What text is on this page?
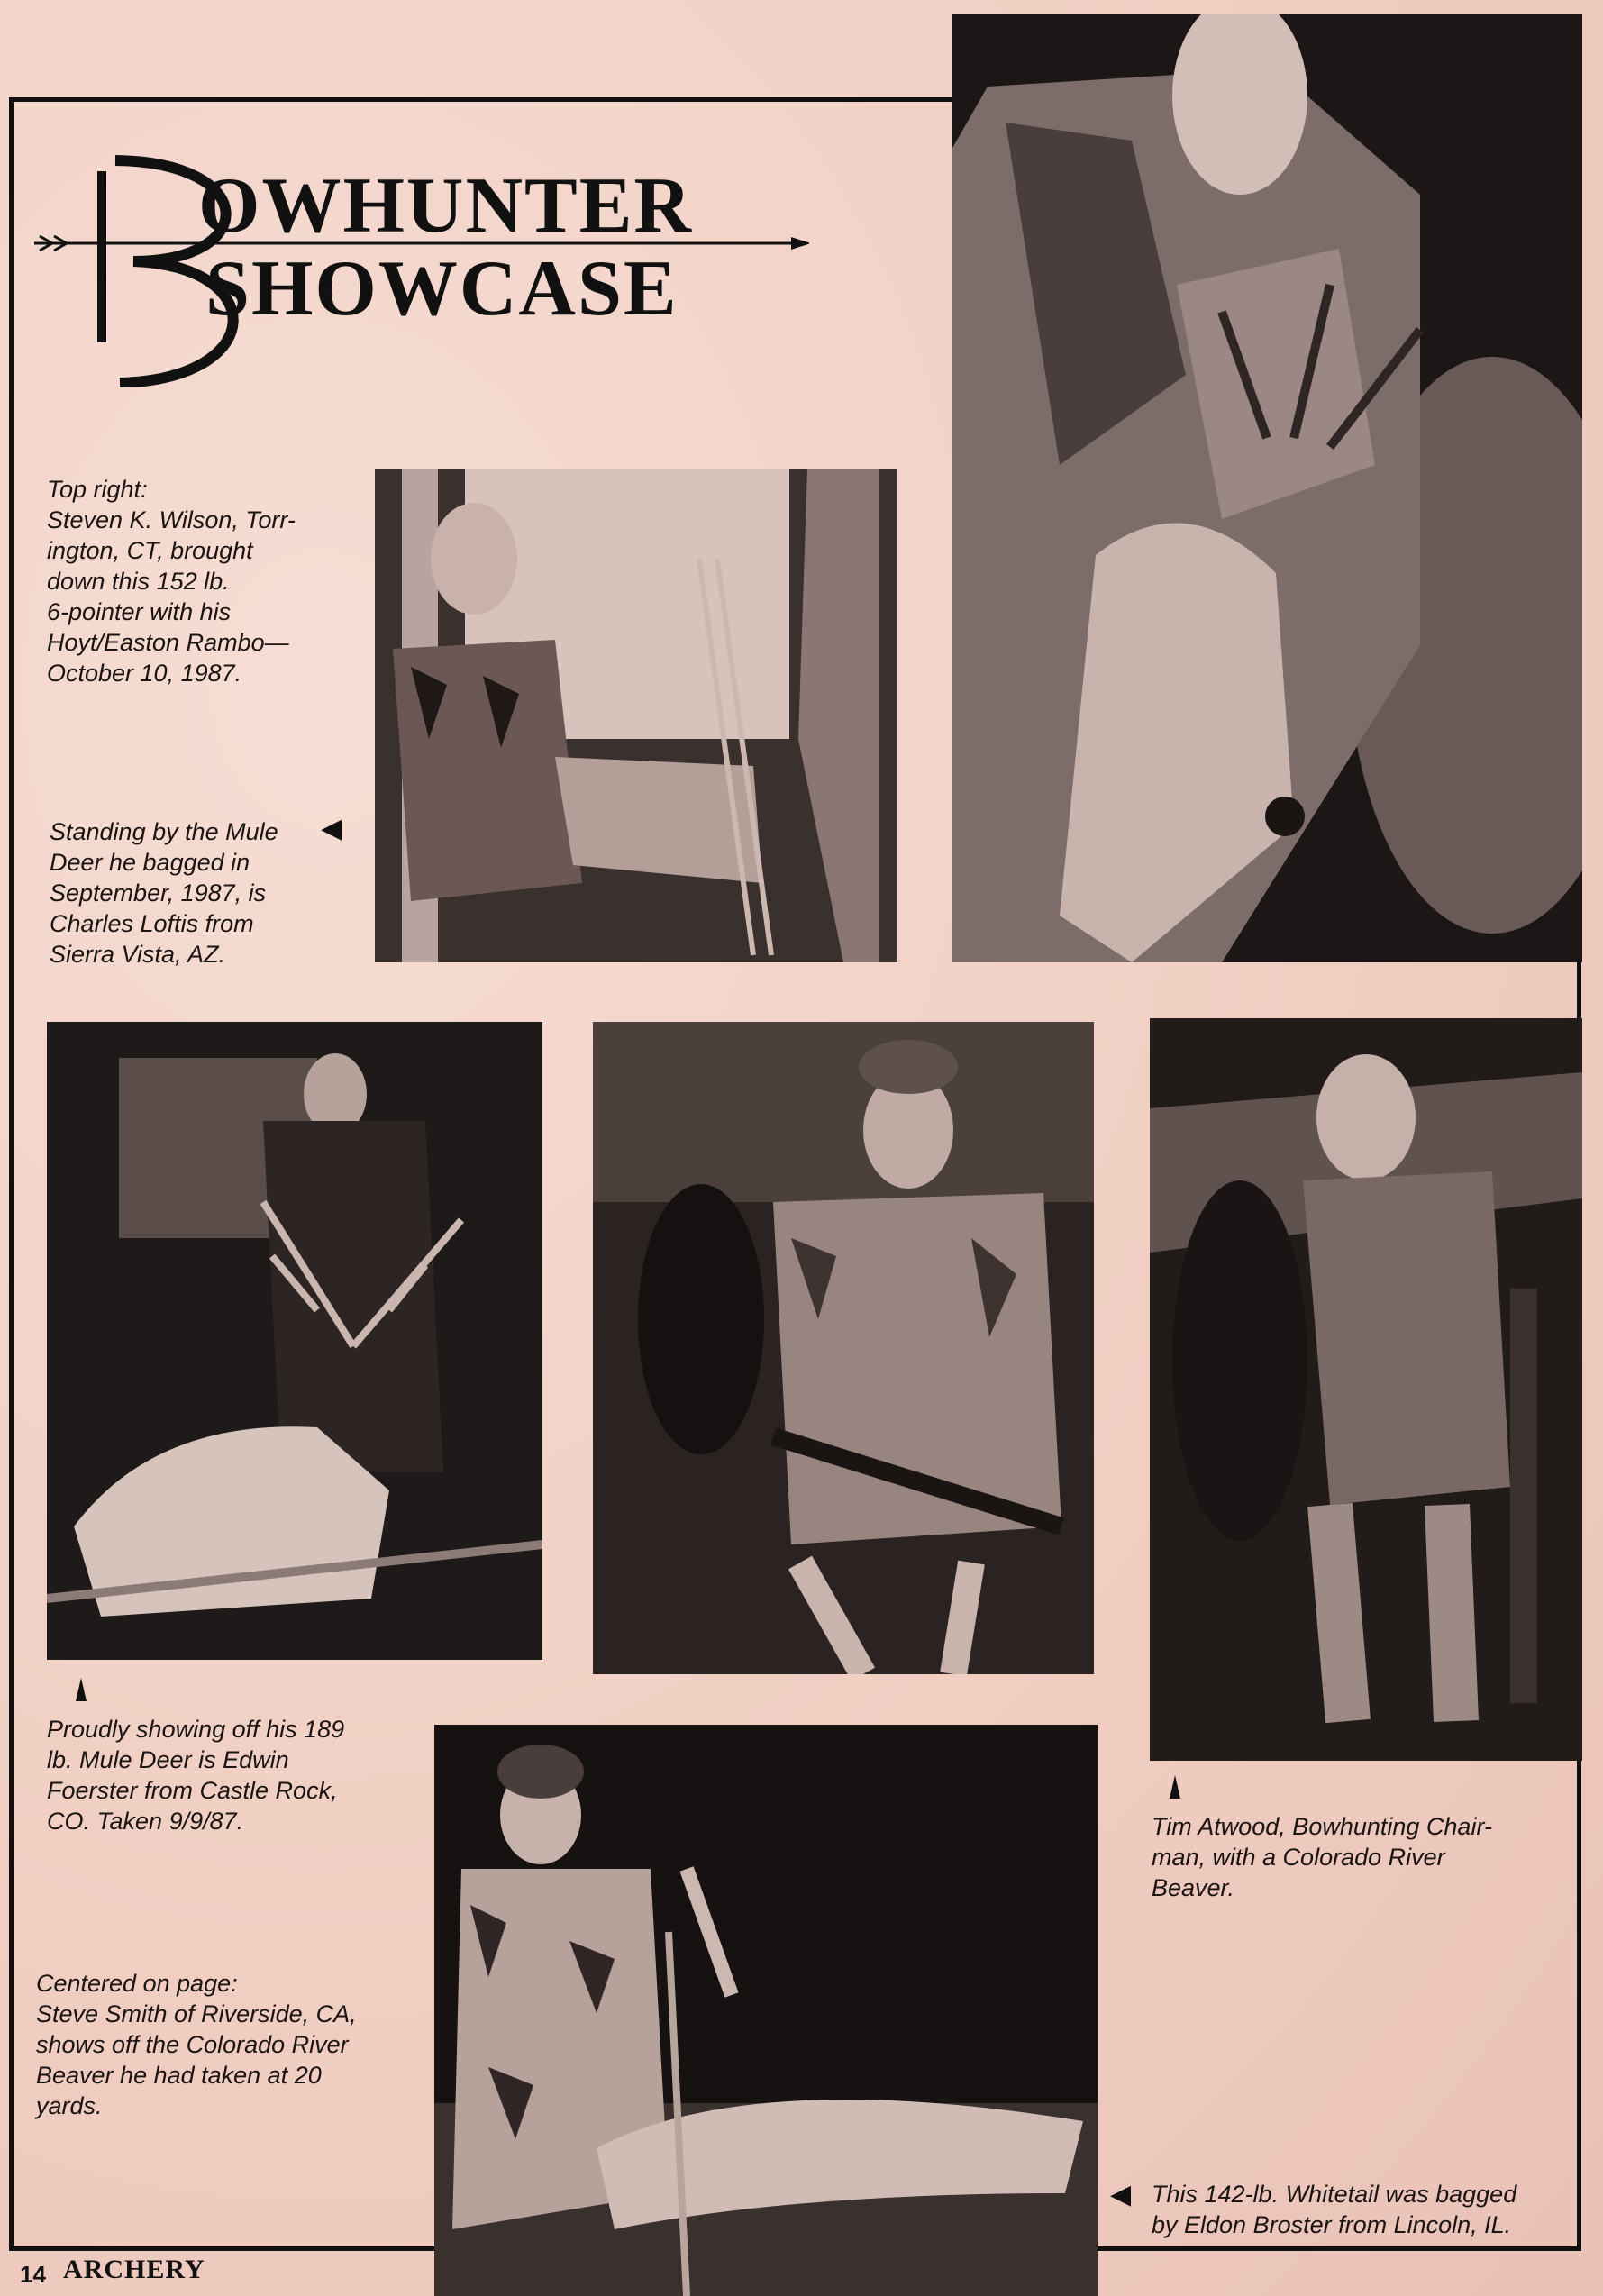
OWHUNTER

SHOWCASE

Top right:
Steven K. Wilson, Torr-
ington, CT, brought
down this 152 lb.
6-pointer with his
Hoyt/Easton Rambo—
October 10, 1987.
Standing by the Mule
Deer he bagged in
September, 1987, is
Charles Loftis from
Sierra Vista, AZ.
◀
Proudly showing off his 189
lb. Mule Deer is Edwin
Foerster from Castle Rock,
CO. Taken 9/9/87.	Tim Atwood, Bowhunting Chair-
man, with a Colorado River
Beaver.
Centered on page:
Steve Smith of Riverside, CA,
shows off the Colorado River
Beaver he had taken at 20
yards.
◀ This 142-lb. Whitetail was bagged
by Eldon Broster from Lincoln, IL.
14 ARCHERY
